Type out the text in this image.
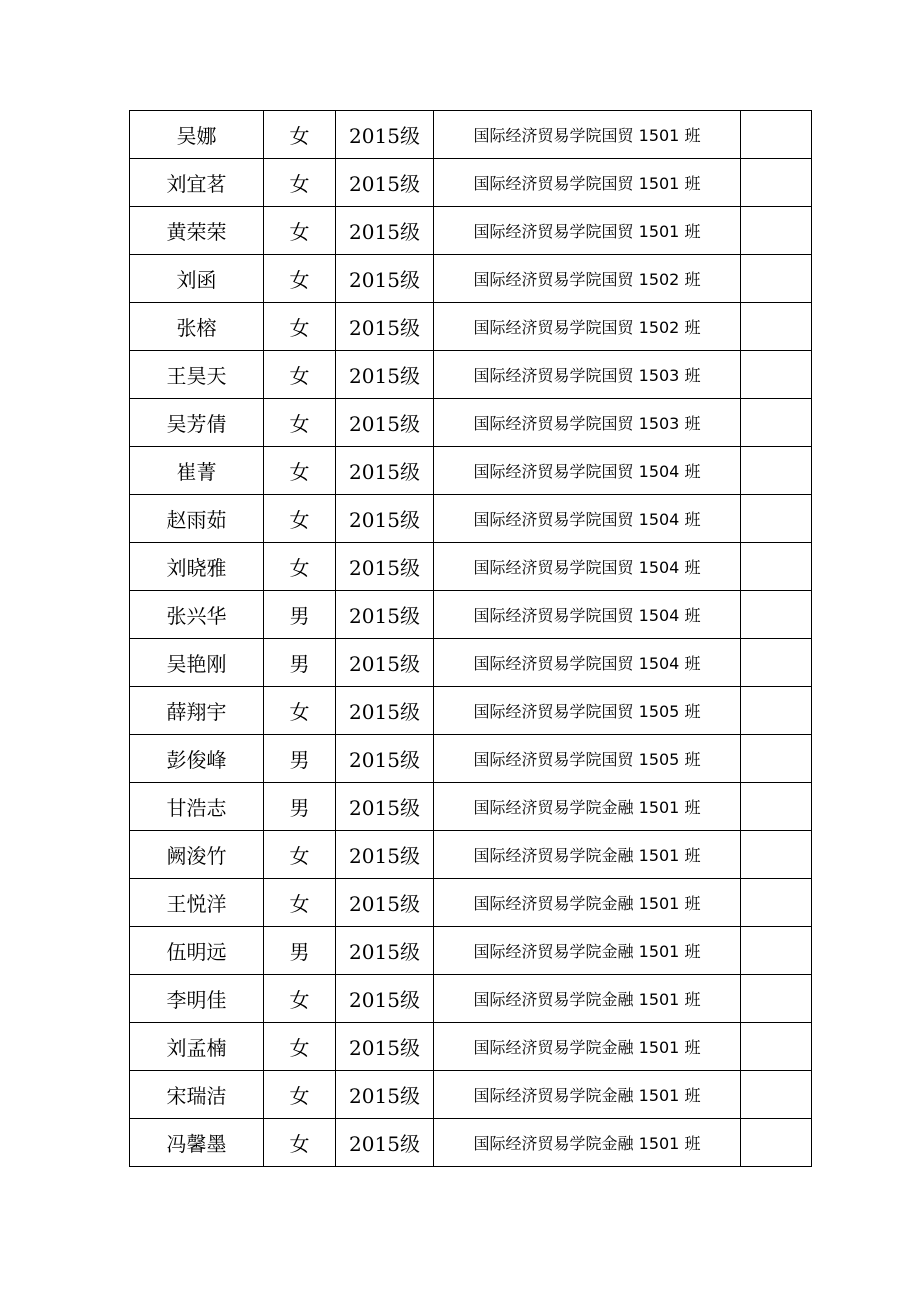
吴娜	女	2015级	国际经济贸易学院国贸 1501 班	
刘宜茗	女	2015级	国际经济贸易学院国贸 1501 班	
黄荣荣	女	2015级	国际经济贸易学院国贸 1501 班	
刘函	女	2015级	国际经济贸易学院国贸 1502 班	
张榕	女	2015级	国际经济贸易学院国贸 1502 班	
王昊天	女	2015级	国际经济贸易学院国贸 1503 班	
吴芳倩	女	2015级	国际经济贸易学院国贸 1503 班	
崔菁	女	2015级	国际经济贸易学院国贸 1504 班	
赵雨茹	女	2015级	国际经济贸易学院国贸 1504 班	
刘晓雅	女	2015级	国际经济贸易学院国贸 1504 班	
张兴华	男	2015级	国际经济贸易学院国贸 1504 班	
吴艳刚	男	2015级	国际经济贸易学院国贸 1504 班	
薛翔宇	女	2015级	国际经济贸易学院国贸 1505 班	
彭俊峰	男	2015级	国际经济贸易学院国贸 1505 班	
甘浩志	男	2015级	国际经济贸易学院金融 1501 班	
阙浚竹	女	2015级	国际经济贸易学院金融 1501 班	
王悦洋	女	2015级	国际经济贸易学院金融 1501 班	
伍明远	男	2015级	国际经济贸易学院金融 1501 班	
李明佳	女	2015级	国际经济贸易学院金融 1501 班	
刘孟楠	女	2015级	国际经济贸易学院金融 1501 班	
宋瑞洁	女	2015级	国际经济贸易学院金融 1501 班	
冯馨墨	女	2015级	国际经济贸易学院金融 1501 班	
